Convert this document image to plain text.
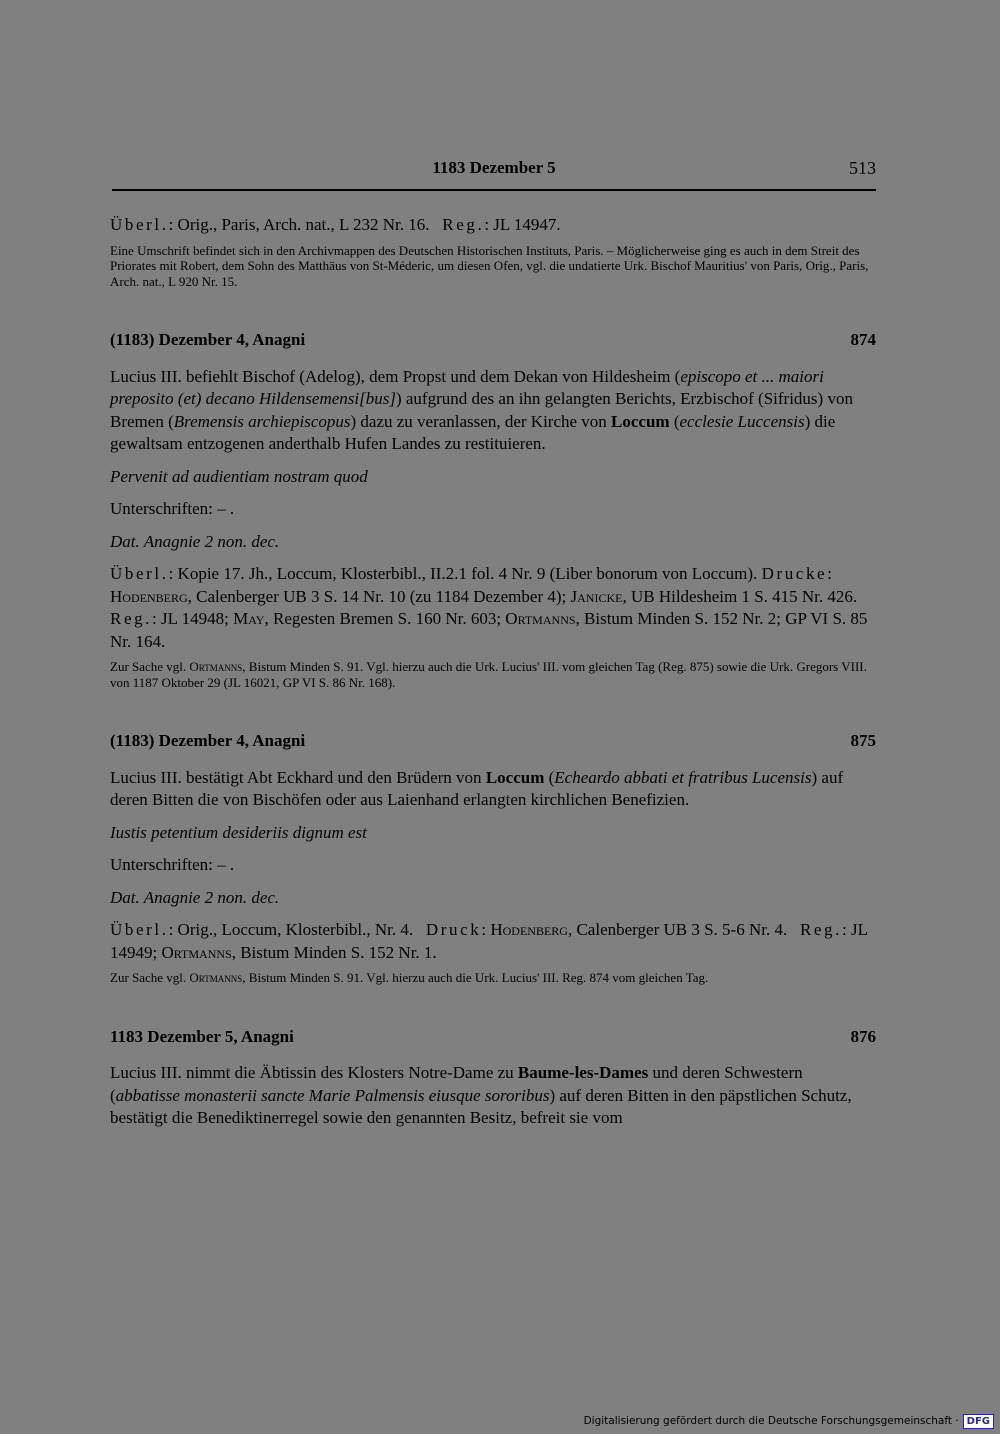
1183 Dezember 5	513

Überl.: Orig., Paris, Arch. nat., L 232 Nr. 16. Reg.: JL 14947.

Eine Umschrift befindet sich in den Archivmappen des Deutschen Historischen Instituts, Paris. – Möglicherweise ging es auch in dem Streit des Priorates mit Robert, dem Sohn des Matthäus von St-Méderic, um diesen Ofen, vgl. die undatierte Urk. Bischof Mauritius' von Paris, Orig., Paris, Arch. nat., L 920 Nr. 15.

(1183) Dezember 4, Anagni	874

Lucius III. befiehlt Bischof (Adelog), dem Propst und dem Dekan von Hildesheim (episcopo et ... maiori preposito (et) decano Hildensemensi[bus]) aufgrund des an ihn gelangten Berichts, Erzbischof (Sifridus) von Bremen (Bremensis archiepiscopus) dazu zu veranlassen, der Kirche von Loccum (ecclesie Luccensis) die gewaltsam entzogenen anderthalb Hufen Landes zu restituieren.

Pervenit ad audientiam nostram quod

Unterschriften: – .

Dat. Anagnie 2 non. dec.

Überl.: Kopie 17. Jh., Loccum, Klosterbibl., II.2.1 fol. 4 Nr. 9 (Liber bonorum von Loccum). Drucke: Hodenberg, Calenberger UB 3 S. 14 Nr. 10 (zu 1184 Dezember 4); Janicke, UB Hildesheim 1 S. 415 Nr. 426.   Reg.: JL 14948; May, Regesten Bremen S. 160 Nr. 603; Ortmanns, Bistum Minden S. 152 Nr. 2; GP VI S. 85 Nr. 164.

Zur Sache vgl. Ortmanns, Bistum Minden S. 91. Vgl. hierzu auch die Urk. Lucius' III. vom gleichen Tag (Reg. 875) sowie die Urk. Gregors VIII. von 1187 Oktober 29 (JL 16021, GP VI S. 86 Nr. 168).

(1183) Dezember 4, Anagni	875

Lucius III. bestätigt Abt Eckhard und den Brüdern von Loccum (Echeardo abbati et fratribus Lucensis) auf deren Bitten die von Bischöfen oder aus Laienhand erlangten kirchlichen Benefizien.

Iustis petentium desideriis dignum est

Unterschriften: – .

Dat. Anagnie 2 non. dec.

Überl.: Orig., Loccum, Klosterbibl., Nr. 4. Druck: Hodenberg, Calenberger UB 3 S. 5-6 Nr. 4. Reg.: JL 14949; Ortmanns, Bistum Minden S. 152 Nr. 1.

Zur Sache vgl. Ortmanns, Bistum Minden S. 91. Vgl. hierzu auch die Urk. Lucius' III. Reg. 874 vom gleichen Tag.

1183 Dezember 5, Anagni	876

Lucius III. nimmt die Äbtissin des Klosters Notre-Dame zu Baume-les-Dames und deren Schwestern (abbatisse monasterii sancte Marie Palmensis eiusque sororibus) auf deren Bitten in den päpstlichen Schutz, bestätigt die Benediktinerregel sowie den genannten Besitz, befreit sie vom

Digitalisierung gefördert durch die Deutsche Forschungsgemeinschaft · DFG
